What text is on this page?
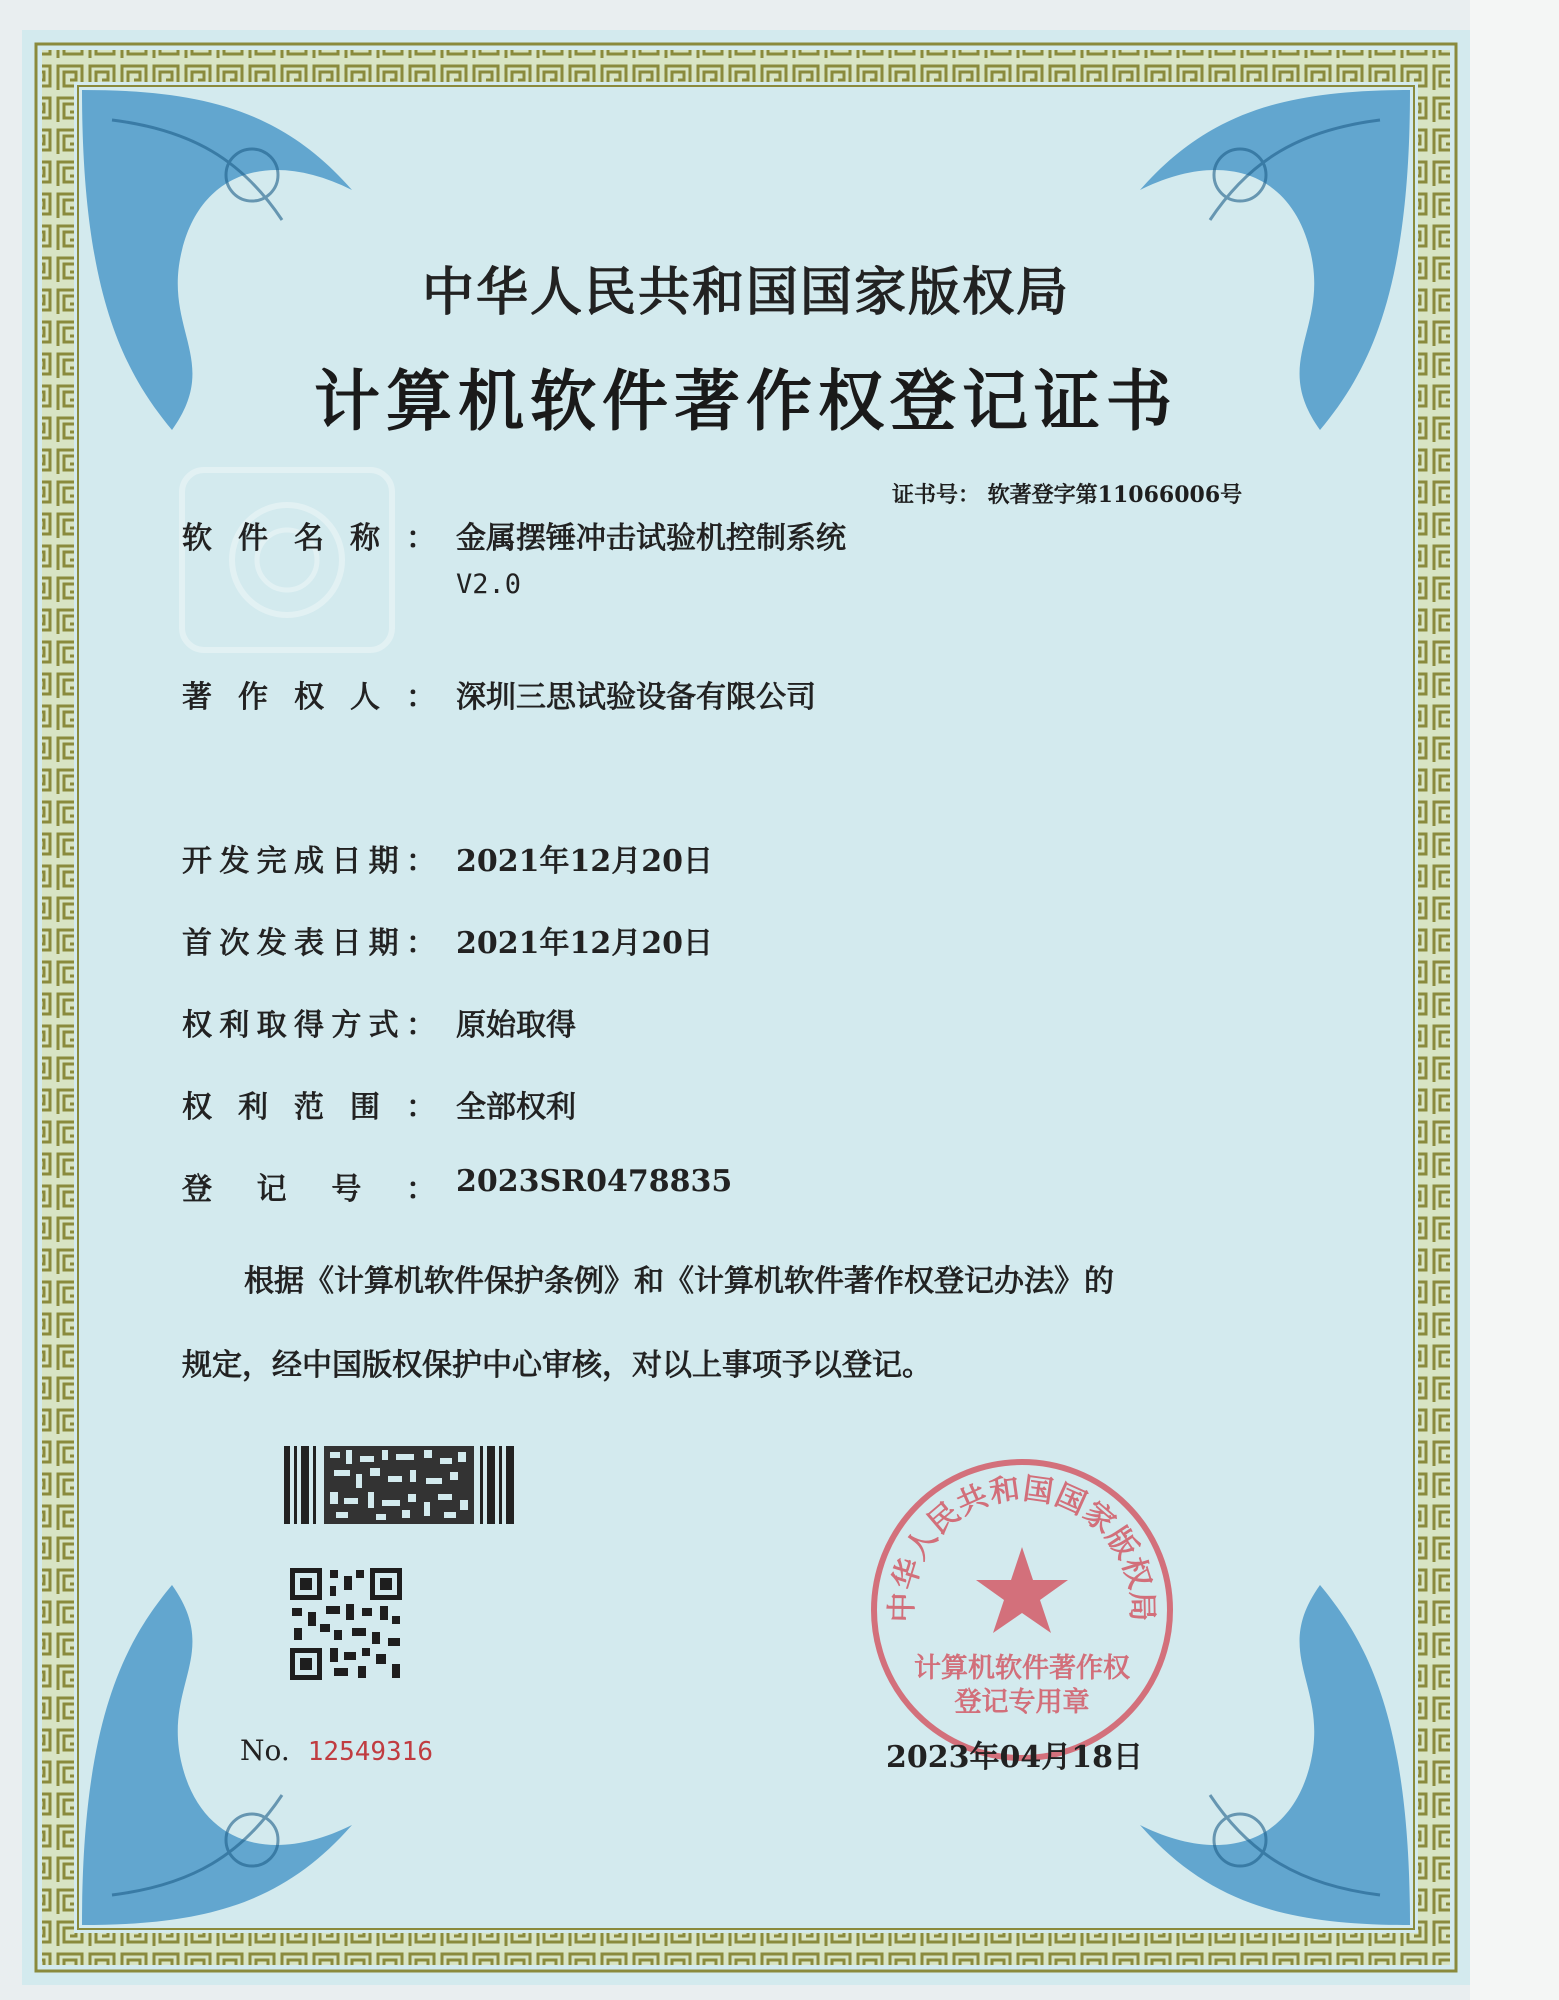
中华人民共和国国家版权局
计算机软件著作权登记证书
证书号： 软著登字第11066006号
软件名称： 金属摆锤冲击试验机控制系统
V2.0
著作权人： 深圳三思试验设备有限公司
开发完成日期： 2021年12月20日
首次发表日期： 2021年12月20日
权利取得方式： 原始取得
权利范围： 全部权利
登记号： 2023SR0478835

根据《计算机软件保护条例》和《计算机软件著作权登记办法》的

规定，经中国版权保护中心审核，对以上事项予以登记。

No. 12549316
中华人民共和国国家版权局
计算机软件著作权
登记专用章
2023年04月18日
